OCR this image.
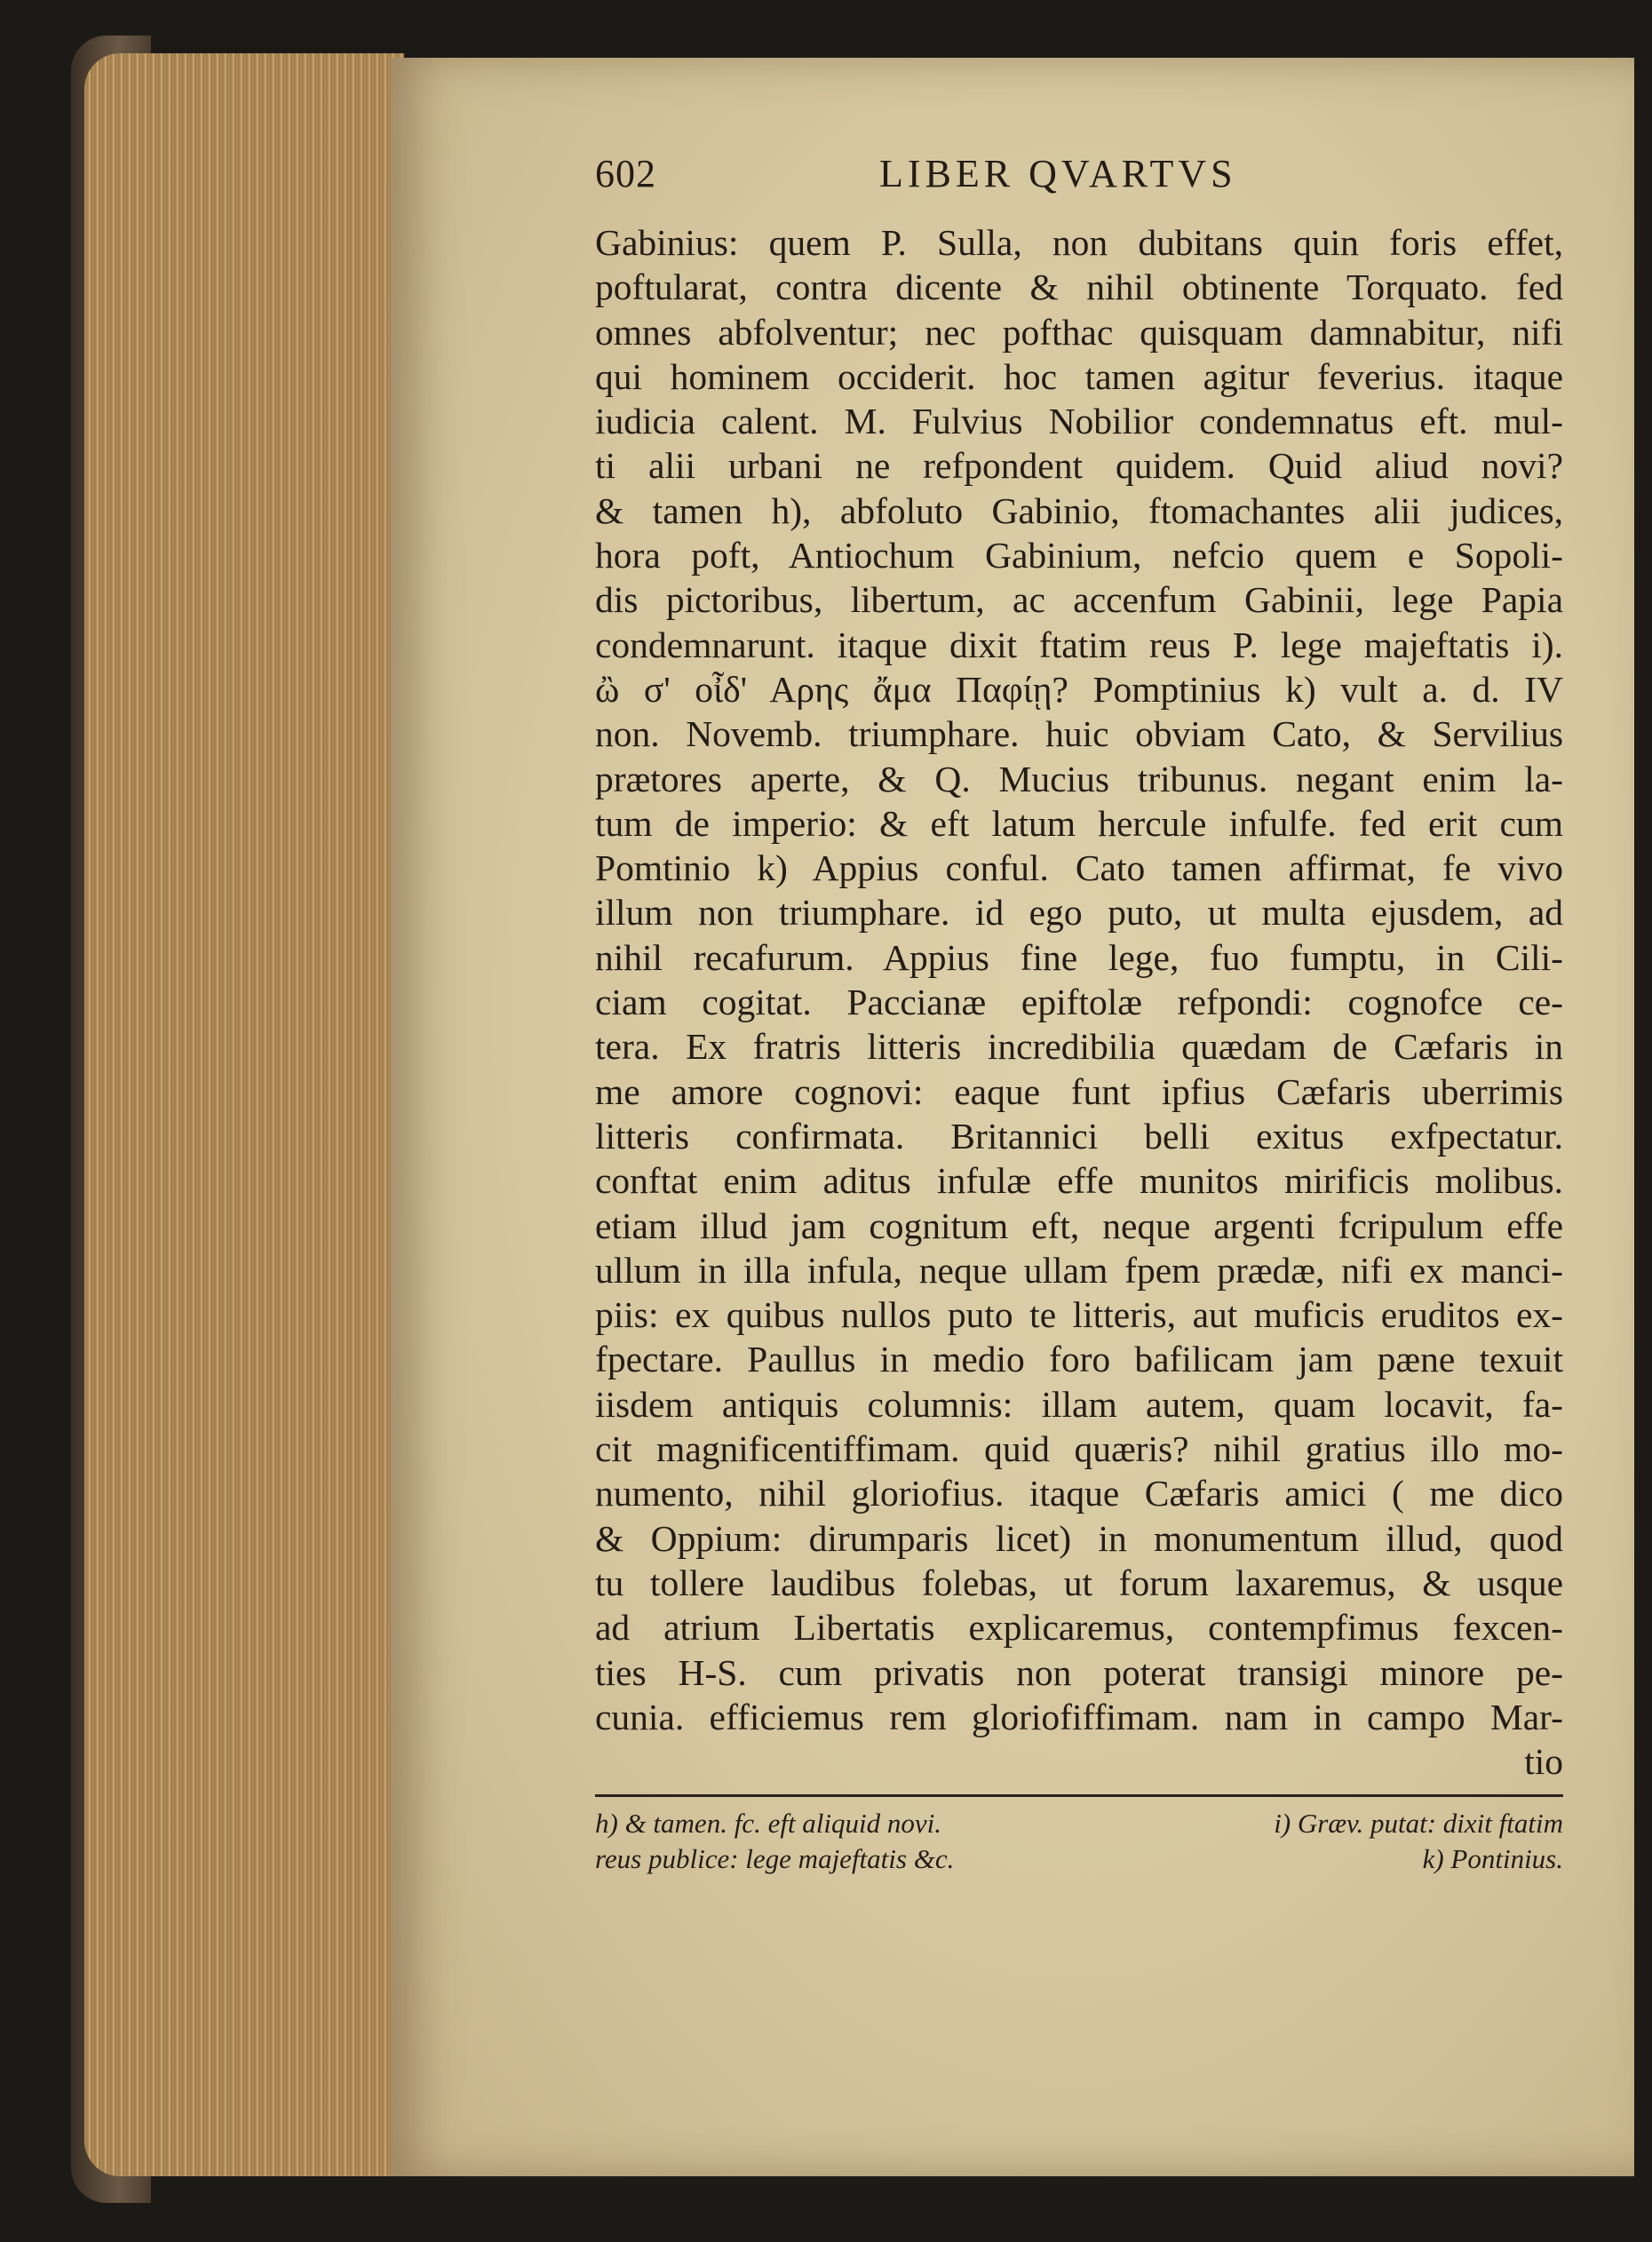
602	LIBER QVARTVS
Gabinius: quem P. Sulla, non dubitans quin foris effet,
poftularat, contra dicente & nihil obtinente Torquato. fed
omnes abfolventur; nec pofthac quisquam damnabitur, nifi
qui hominem occiderit. hoc tamen agitur feverius. itaque
iudicia calent. M. Fulvius Nobilior condemnatus eft. mul-
ti alii urbani ne refpondent quidem. Quid aliud novi?
& tamen h), abfoluto Gabinio, ftomachantes alii judices,
hora poft, Antiochum Gabinium, nefcio quem e Sopoli-
dis pictoribus, libertum, ac accenfum Gabinii, lege Papia
condemnarunt. itaque dixit ftatim reus P. lege majeftatis i).
ὢ σ' οἶδ' Αρης ἄμα Παφίῃ? Pomptinius k) vult a. d. IV
non. Novemb. triumphare. huic obviam Cato, & Servilius
prætores aperte, & Q. Mucius tribunus. negant enim la-
tum de imperio: & eft latum hercule infulfe. fed erit cum
Pomtinio k) Appius conful. Cato tamen affirmat, fe vivo
illum non triumphare. id ego puto, ut multa ejusdem, ad
nihil recafurum. Appius fine lege, fuo fumptu, in Cili-
ciam cogitat. Paccianæ epiftolæ refpondi: cognofce ce-
tera. Ex fratris litteris incredibilia quædam de Cæfaris in
me amore cognovi: eaque funt ipfius Cæfaris uberrimis
litteris confirmata. Britannici belli exitus exfpectatur.
conftat enim aditus infulæ effe munitos mirificis molibus.
etiam illud jam cognitum eft, neque argenti fcripulum effe
ullum in illa infula, neque ullam fpem prædæ, nifi ex manci-
piis: ex quibus nullos puto te litteris, aut muficis eruditos ex-
fpectare. Paullus in medio foro bafilicam jam pæne texuit
iisdem antiquis columnis: illam autem, quam locavit, fa-
cit magnificentiffimam. quid quæris? nihil gratius illo mo-
numento, nihil gloriofius. itaque Cæfaris amici ( me dico
& Oppium: dirumparis licet) in monumentum illud, quod
tu tollere laudibus folebas, ut forum laxaremus, & usque
ad atrium Libertatis explicaremus, contempfimus fexcen-
ties H-S. cum privatis non poterat transigi minore pe-
cunia. efficiemus rem gloriofiffimam. nam in campo Mar-
tio
h) & tamen. fc. eft aliquid novi.	i) Græv. putat: dixit ftatim
reus publice: lege majeftatis &c.	k) Pontinius.
